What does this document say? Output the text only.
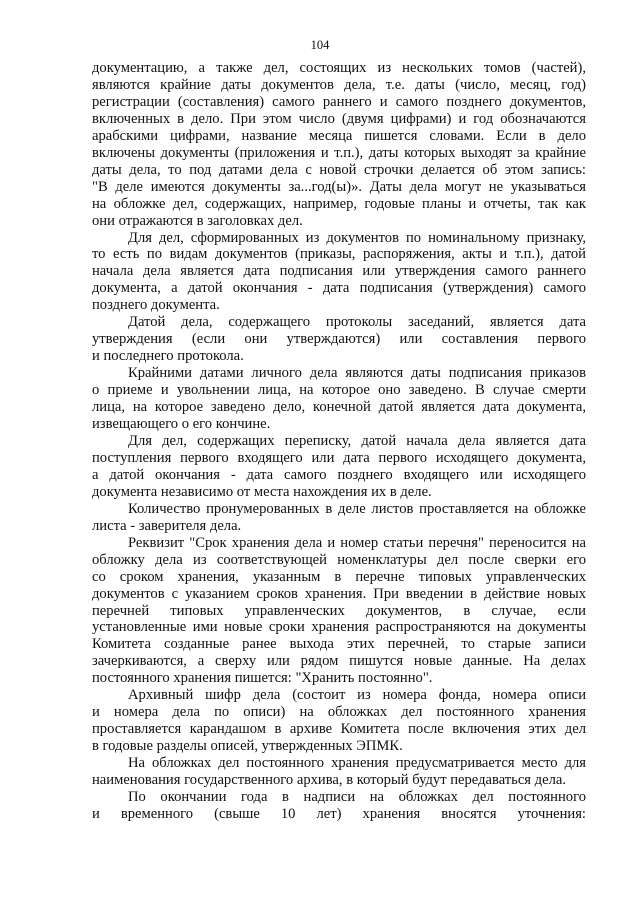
104
документацию, а также дел, состоящих из нескольких томов (частей),
являются крайние даты документов дела, т.е. даты (число, месяц, год)
регистрации (составления) самого раннего и самого позднего документов,
включенных в дело. При этом число (двумя цифрами) и год обозначаются
арабскими цифрами, название месяца пишется словами. Если в дело
включены документы (приложения и т.п.), даты которых выходят за крайние
даты дела, то под датами дела с новой строчки делается об этом запись:
"В деле имеются документы за...год(ы)». Даты дела могут не указываться
на обложке дел, содержащих, например, годовые планы и отчеты, так как
они отражаются в заголовках дел.
Для дел, сформированных из документов по номинальному признаку,
то есть по видам документов (приказы, распоряжения, акты и т.п.), датой
начала дела является дата подписания или утверждения самого раннего
документа, а датой окончания - дата подписания (утверждения) самого
позднего документа.
Датой дела, содержащего протоколы заседаний, является дата
утверждения (если они утверждаются) или составления первого
и последнего протокола.
Крайними датами личного дела являются даты подписания приказов
о приеме и увольнении лица, на которое оно заведено. В случае смерти
лица, на которое заведено дело, конечной датой является дата документа,
извещающего о его кончине.
Для дел, содержащих переписку, датой начала дела является дата
поступления первого входящего или дата первого исходящего документа,
а датой окончания - дата самого позднего входящего или исходящего
документа независимо от места нахождения их в деле.
Количество пронумерованных в деле листов проставляется на обложке
листа - заверителя дела.
Реквизит "Срок хранения дела и номер статьи перечня" переносится на
обложку дела из соответствующей номенклатуры дел после сверки его
со сроком хранения, указанным в перечне типовых управленческих
документов с указанием сроков хранения. При введении в действие новых
перечней типовых управленческих документов, в случае, если
установленные ими новые сроки хранения распространяются на документы
Комитета созданные ранее выхода этих перечней, то старые записи
зачеркиваются, а сверху или рядом пишутся новые данные. На делах
постоянного хранения пишется: "Хранить постоянно".
Архивный шифр дела (состоит из номера фонда, номера описи
и номера дела по описи) на обложках дел постоянного хранения
проставляется карандашом в архиве Комитета после включения этих дел
в годовые разделы описей, утвержденных ЭПМК.
На обложках дел постоянного хранения предусматривается место для
наименования государственного архива, в который будут передаваться дела.
По окончании года в надписи на обложках дел постоянного
и временного (свыше 10 лет) хранения вносятся уточнения:
